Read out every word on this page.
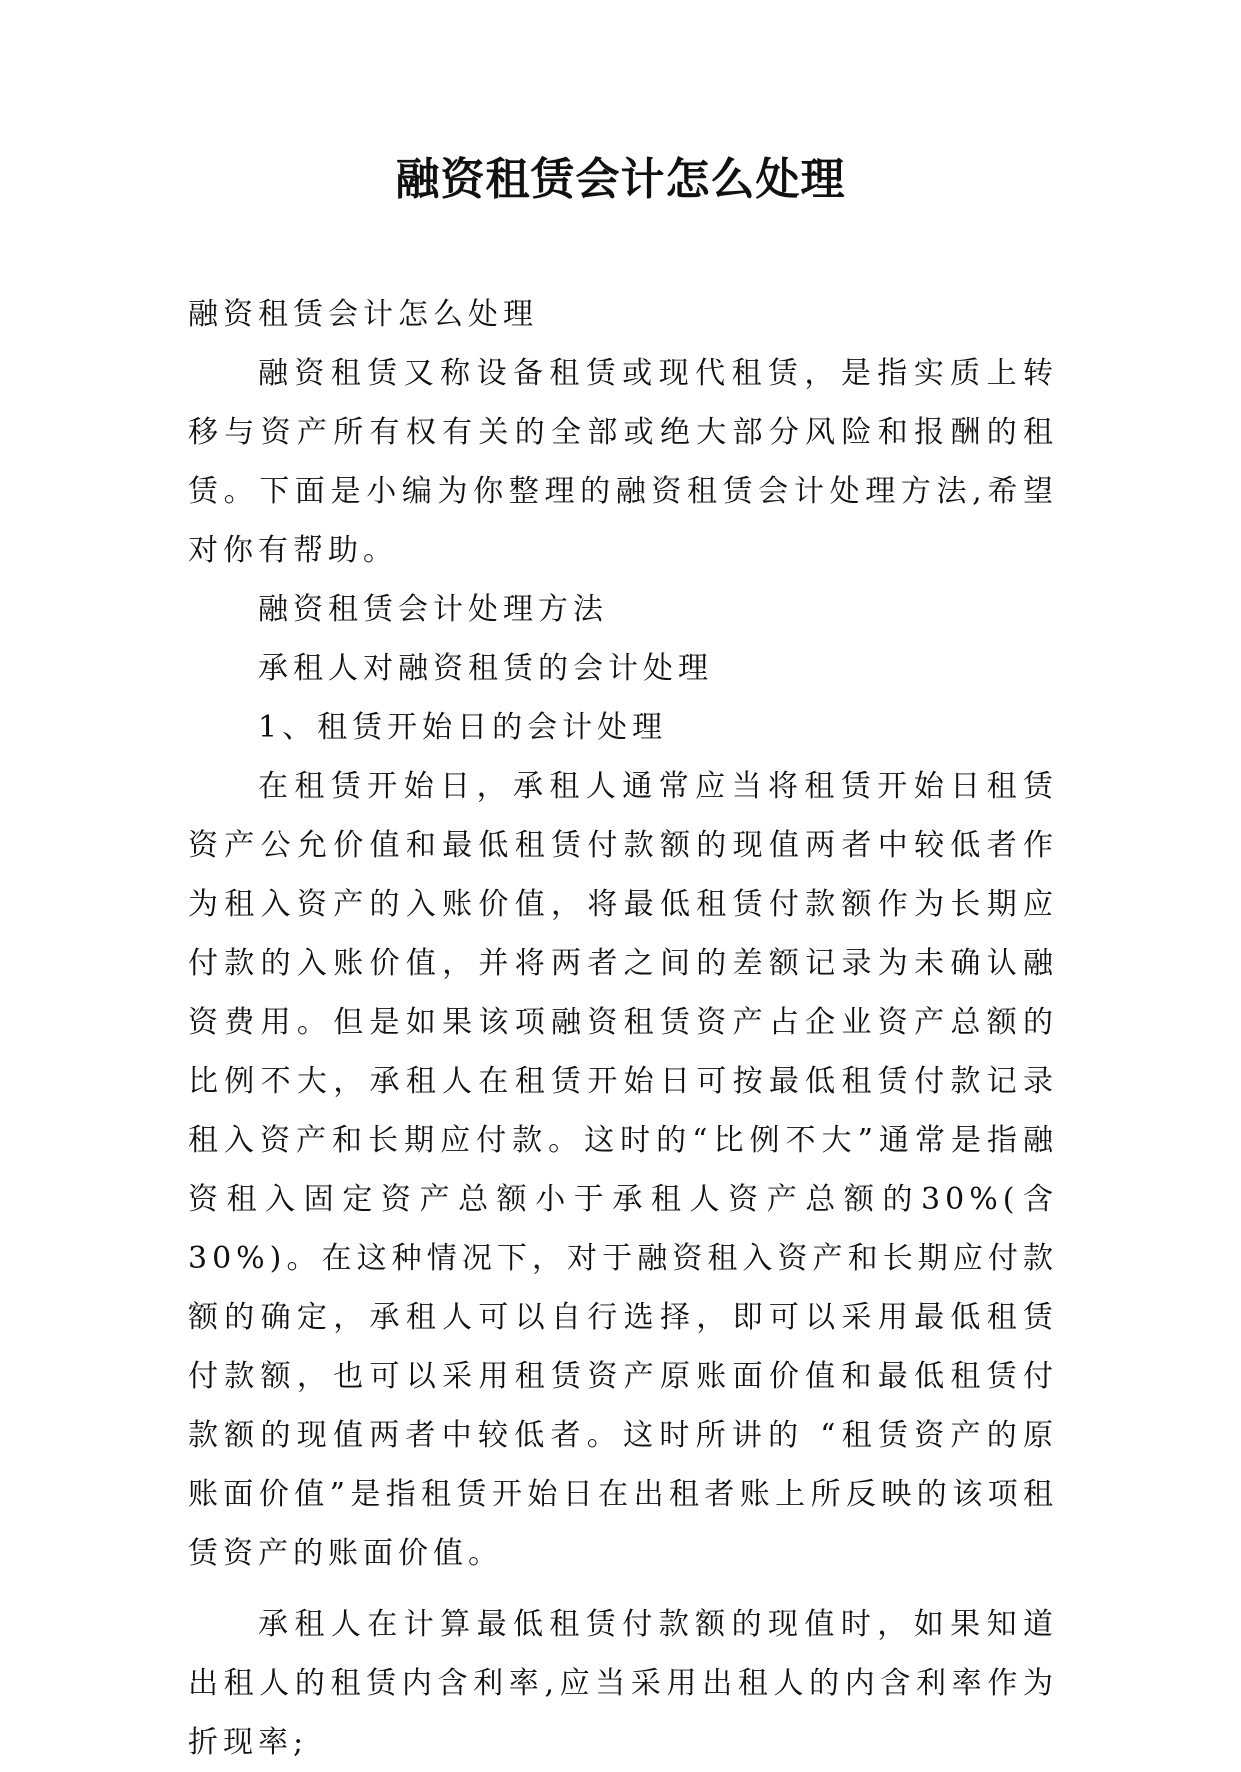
融资租赁会计怎么处理

融资租赁会计怎么处理

融资租赁又称设备租赁或现代租赁，是指实质上转移与资产所有权有关的全部或绝大部分风险和报酬的租赁。下面是小编为你整理的融资租赁会计处理方法,希望对你有帮助。

融资租赁会计处理方法

承租人对融资租赁的会计处理

1、租赁开始日的会计处理

在租赁开始日，承租人通常应当将租赁开始日租赁资产公允价值和最低租赁付款额的现值两者中较低者作为租入资产的入账价值，将最低租赁付款额作为长期应付款的入账价值，并将两者之间的差额记录为未确认融资费用。但是如果该项融资租赁资产占企业资产总额的比例不大，承租人在租赁开始日可按最低租赁付款记录租入资产和长期应付款。这时的“比例不大”通常是指融资租入固定资产总额小于承租人资产总额的30%(含30%)。在这种情况下，对于融资租入资产和长期应付款额的确定，承租人可以自行选择，即可以采用最低租赁付款额，也可以采用租赁资产原账面价值和最低租赁付款额的现值两者中较低者。这时所讲的 “租赁资产的原账面价值”是指租赁开始日在出租者账上所反映的该项租赁资产的账面价值。

承租人在计算最低租赁付款额的现值时，如果知道出租人的租赁内含利率,应当采用出租人的内含利率作为折现率;
